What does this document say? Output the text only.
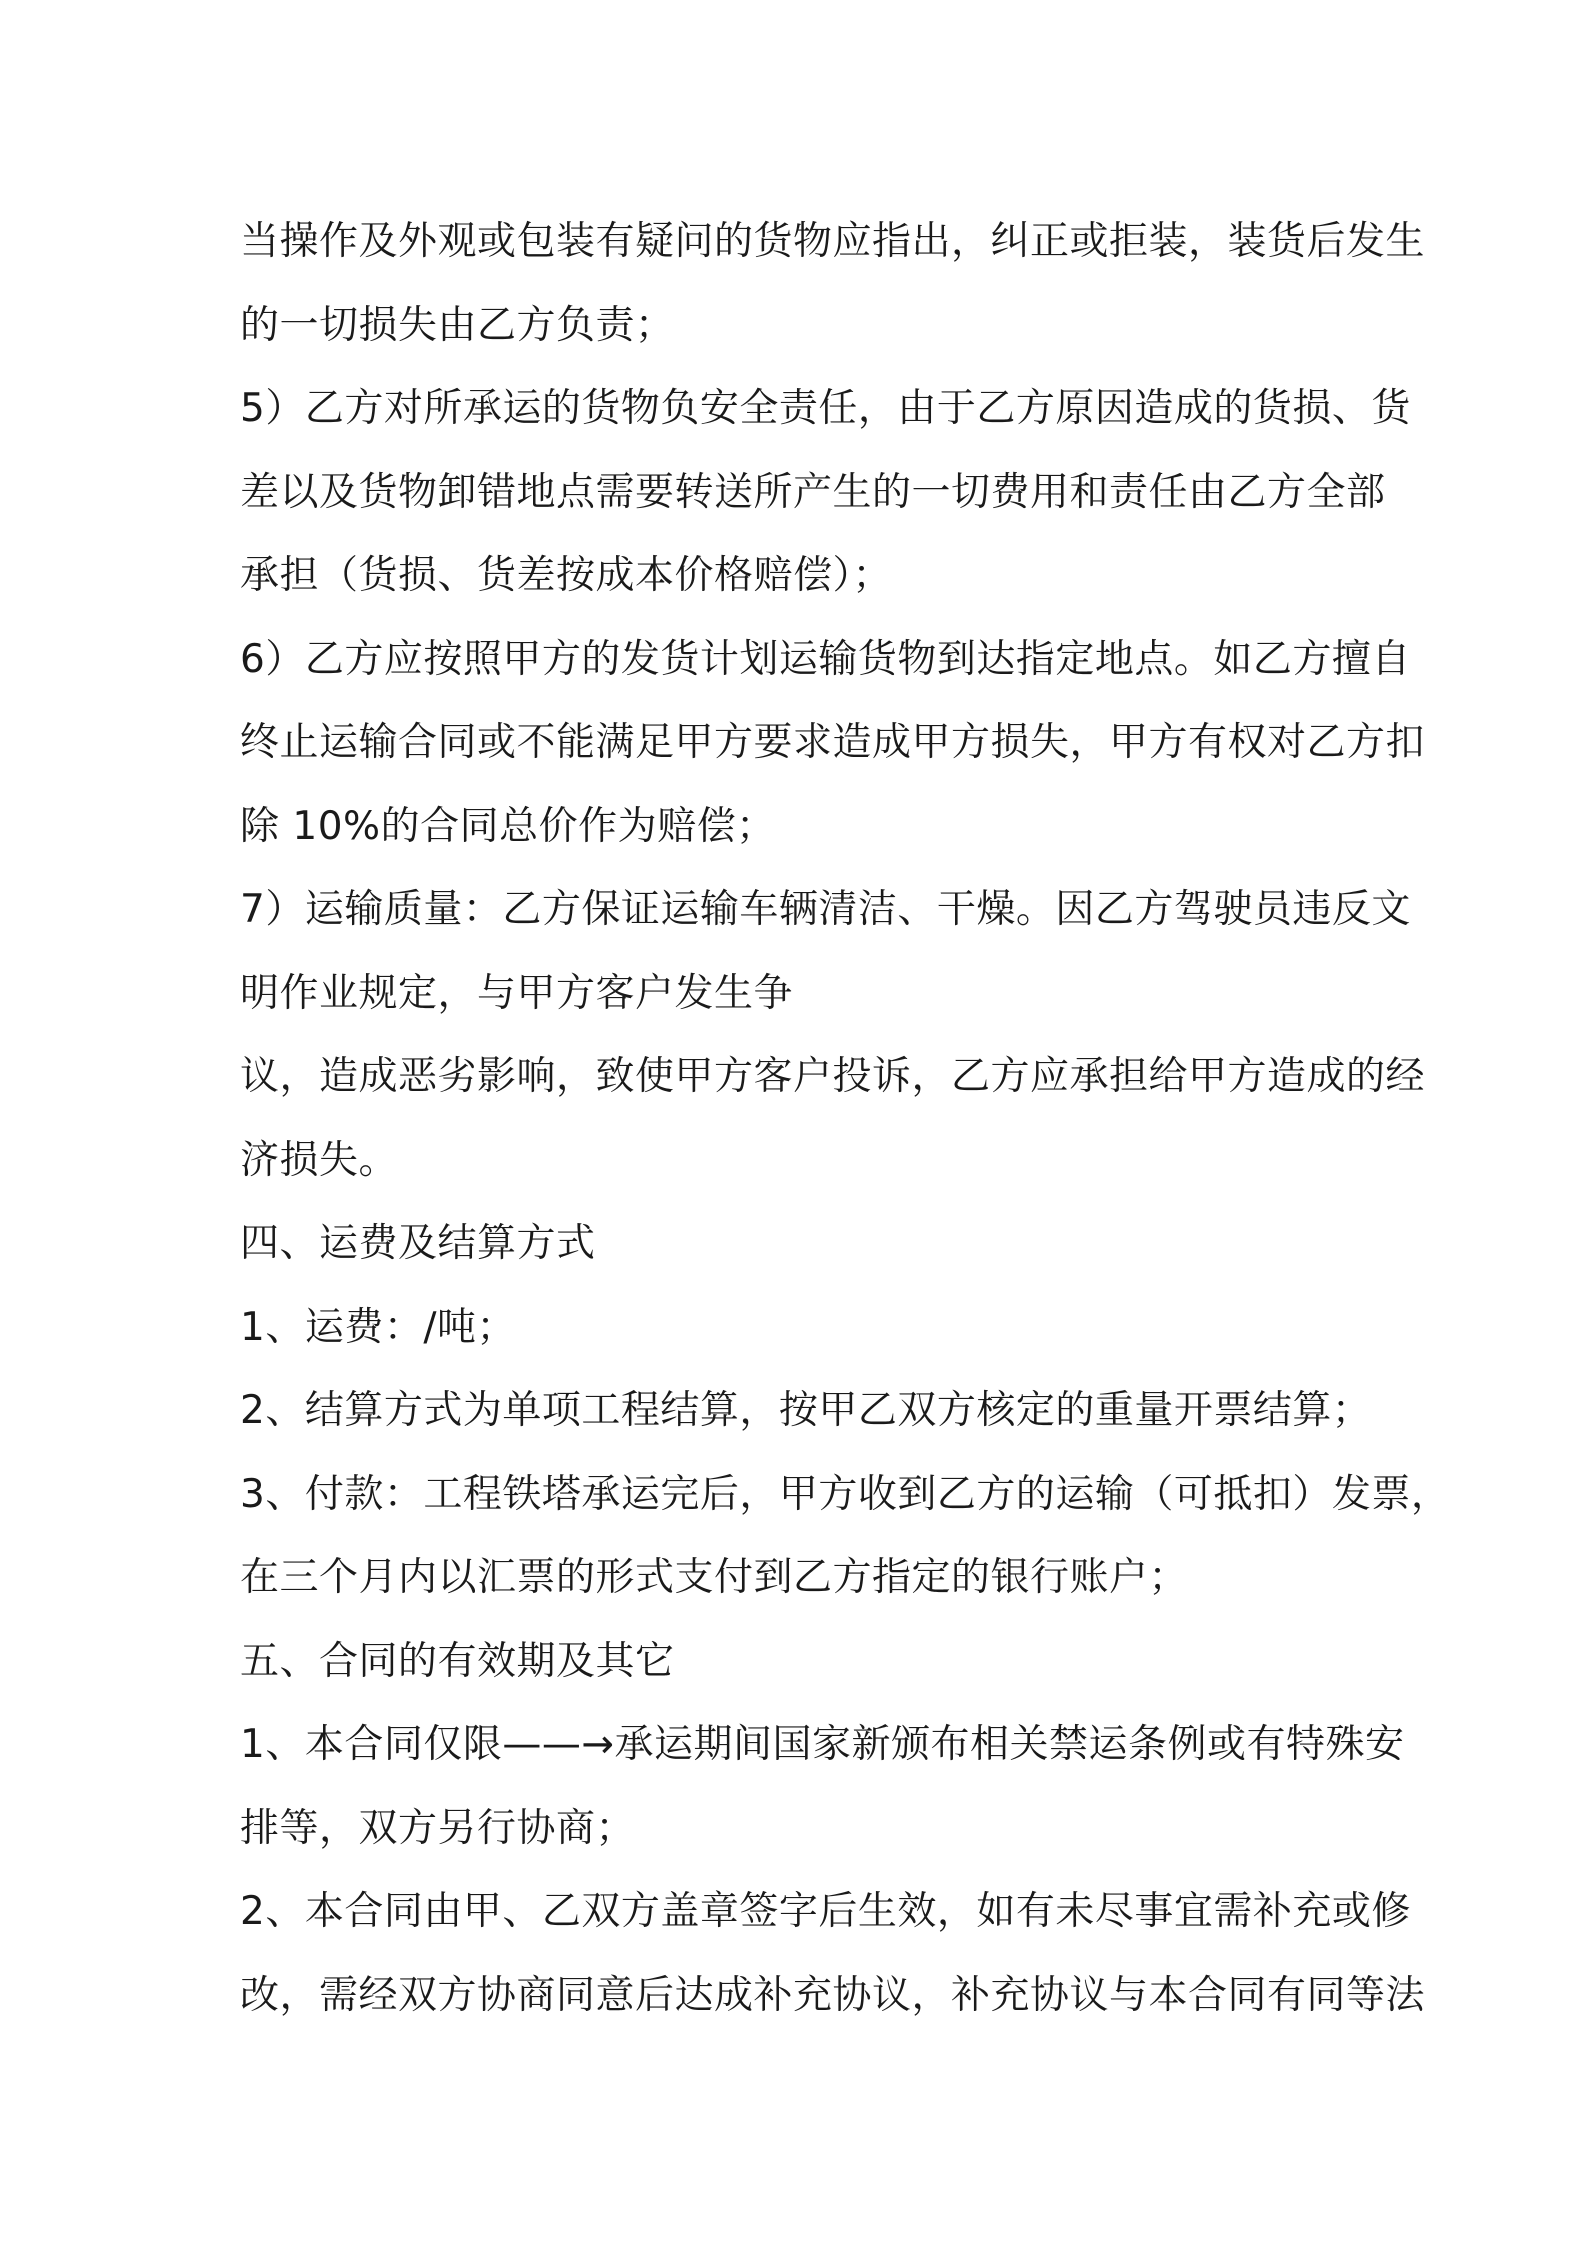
当操作及外观或包装有疑问的货物应指出，纠正或拒装，装货后发生
的一切损失由乙方负责；
5）乙方对所承运的货物负安全责任，由于乙方原因造成的货损、货
差以及货物卸错地点需要转送所产生的一切费用和责任由乙方全部
承担（货损、货差按成本价格赔偿）；
6）乙方应按照甲方的发货计划运输货物到达指定地点。如乙方擅自
终止运输合同或不能满足甲方要求造成甲方损失，甲方有权对乙方扣
除 10%的合同总价作为赔偿；
7）运输质量：乙方保证运输车辆清洁、干燥。因乙方驾驶员违反文
明作业规定，与甲方客户发生争
议，造成恶劣影响，致使甲方客户投诉，乙方应承担给甲方造成的经
济损失。
四、运费及结算方式
1、运费：/吨；
2、结算方式为单项工程结算，按甲乙双方核定的重量开票结算；
3、付款：工程铁塔承运完后，甲方收到乙方的运输（可抵扣）发票，
在三个月内以汇票的形式支付到乙方指定的银行账户；
五、合同的有效期及其它
1、本合同仅限——→承运期间国家新颁布相关禁运条例或有特殊安
排等，双方另行协商；
2、本合同由甲、乙双方盖章签字后生效，如有未尽事宜需补充或修
改，需经双方协商同意后达成补充协议，补充协议与本合同有同等法
